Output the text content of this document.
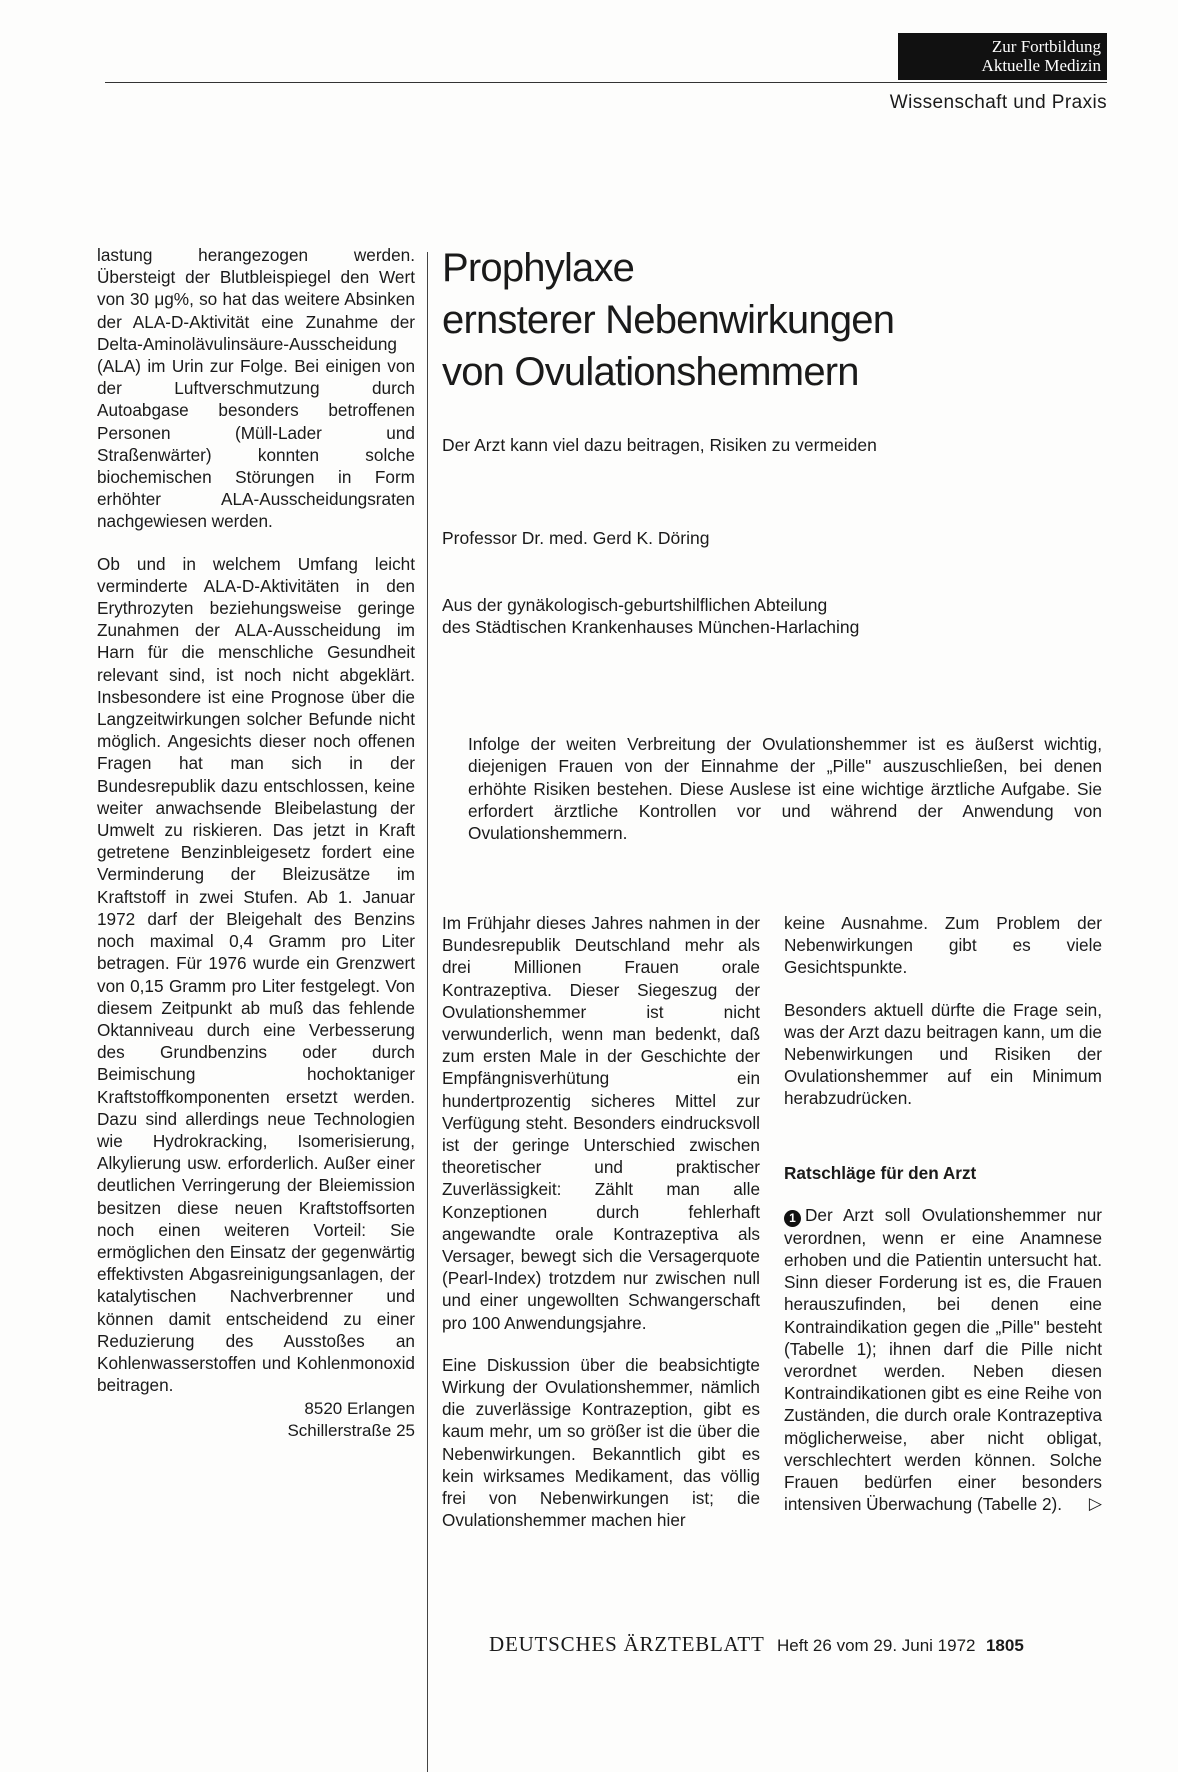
Zur Fortbildung
Aktuelle Medizin
Wissenschaft und Praxis

lastung herangezogen werden. Übersteigt der Blutbleispiegel den Wert von 30 μg%, so hat das weitere Absinken der ALA-D-Aktivität eine Zunahme der Delta-Aminolävulinsäure-Ausscheidung (ALA) im Urin zur Folge. Bei einigen von der Luftverschmutzung durch Autoabgase besonders betroffenen Personen (Müll-Lader und Straßenwärter) konnten solche biochemischen Störungen in Form erhöhter ALA-Ausscheidungsraten nachgewiesen werden.

Ob und in welchem Umfang leicht verminderte ALA-D-Aktivitäten in den Erythrozyten beziehungsweise geringe Zunahmen der ALA-Ausscheidung im Harn für die menschliche Gesundheit relevant sind, ist noch nicht abgeklärt. Insbesondere ist eine Prognose über die Langzeitwirkungen solcher Befunde nicht möglich. Angesichts dieser noch offenen Fragen hat man sich in der Bundesrepublik dazu entschlossen, keine weiter anwachsende Bleibelastung der Umwelt zu riskieren. Das jetzt in Kraft getretene Benzinbleigesetz fordert eine Verminderung der Bleizusätze im Kraftstoff in zwei Stufen. Ab 1. Januar 1972 darf der Bleigehalt des Benzins noch maximal 0,4 Gramm pro Liter betragen. Für 1976 wurde ein Grenzwert von 0,15 Gramm pro Liter festgelegt. Von diesem Zeitpunkt ab muß das fehlende Oktanniveau durch eine Verbesserung des Grundbenzins oder durch Beimischung hochoktaniger Kraftstoffkomponenten ersetzt werden. Dazu sind allerdings neue Technologien wie Hydrokracking, Isomerisierung, Alkylierung usw. erforderlich. Außer einer deutlichen Verringerung der Bleiemission besitzen diese neuen Kraftstoffsorten noch einen weiteren Vorteil: Sie ermöglichen den Einsatz der gegenwärtig effektivsten Abgasreinigungsanlagen, der katalytischen Nachverbrenner und können damit entscheidend zu einer Reduzierung des Ausstoßes an Kohlenwasserstoffen und Kohlenmonoxid beitragen.

8520 Erlangen
Schillerstraße 25
Prophylaxe
ernsterer Nebenwirkungen
von Ovulationshemmern
Der Arzt kann viel dazu beitragen, Risiken zu vermeiden
Professor Dr. med. Gerd K. Döring
Aus der gynäkologisch-geburtshilflichen Abteilung
des Städtischen Krankenhauses München-Harlaching

Infolge der weiten Verbreitung der Ovulationshemmer ist es äußerst wichtig, diejenigen Frauen von der Einnahme der „Pille" auszuschließen, bei denen erhöhte Risiken bestehen. Diese Auslese ist eine wichtige ärztliche Aufgabe. Sie erfordert ärztliche Kontrollen vor und während der Anwendung von Ovulationshemmern.

Im Frühjahr dieses Jahres nahmen in der Bundesrepublik Deutschland mehr als drei Millionen Frauen orale Kontrazeptiva. Dieser Siegeszug der Ovulationshemmer ist nicht verwunderlich, wenn man bedenkt, daß zum ersten Male in der Geschichte der Empfängnisverhütung ein hundertprozentig sicheres Mittel zur Verfügung steht. Besonders eindrucksvoll ist der geringe Unterschied zwischen theoretischer und praktischer Zuverlässigkeit: Zählt man alle Konzeptionen durch fehlerhaft angewandte orale Kontrazeptiva als Versager, bewegt sich die Versagerquote (Pearl-Index) trotzdem nur zwischen null und einer ungewollten Schwangerschaft pro 100 Anwendungsjahre.

Eine Diskussion über die beabsichtigte Wirkung der Ovulationshemmer, nämlich die zuverlässige Kontrazeption, gibt es kaum mehr, um so größer ist die über die Nebenwirkungen. Bekanntlich gibt es kein wirksames Medikament, das völlig frei von Nebenwirkungen ist; die Ovulationshemmer machen hier

keine Ausnahme. Zum Problem der Nebenwirkungen gibt es viele Gesichtspunkte.

Besonders aktuell dürfte die Frage sein, was der Arzt dazu beitragen kann, um die Nebenwirkungen und Risiken der Ovulationshemmer auf ein Minimum herabzudrücken.

Ratschläge für den Arzt

1 Der Arzt soll Ovulationshemmer nur verordnen, wenn er eine Anamnese erhoben und die Patientin untersucht hat. Sinn dieser Forderung ist es, die Frauen herauszufinden, bei denen eine Kontraindikation gegen die „Pille" besteht (Tabelle 1); ihnen darf die Pille nicht verordnet werden. Neben diesen Kontraindikationen gibt es eine Reihe von Zuständen, die durch orale Kontrazeptiva möglicherweise, aber nicht obligat, verschlechtert werden können. Solche Frauen bedürfen einer besonders intensiven Überwachung (Tabelle 2). ▷

DEUTSCHES ÄRZTEBLATT Heft 26 vom 29. Juni 1972 1805
